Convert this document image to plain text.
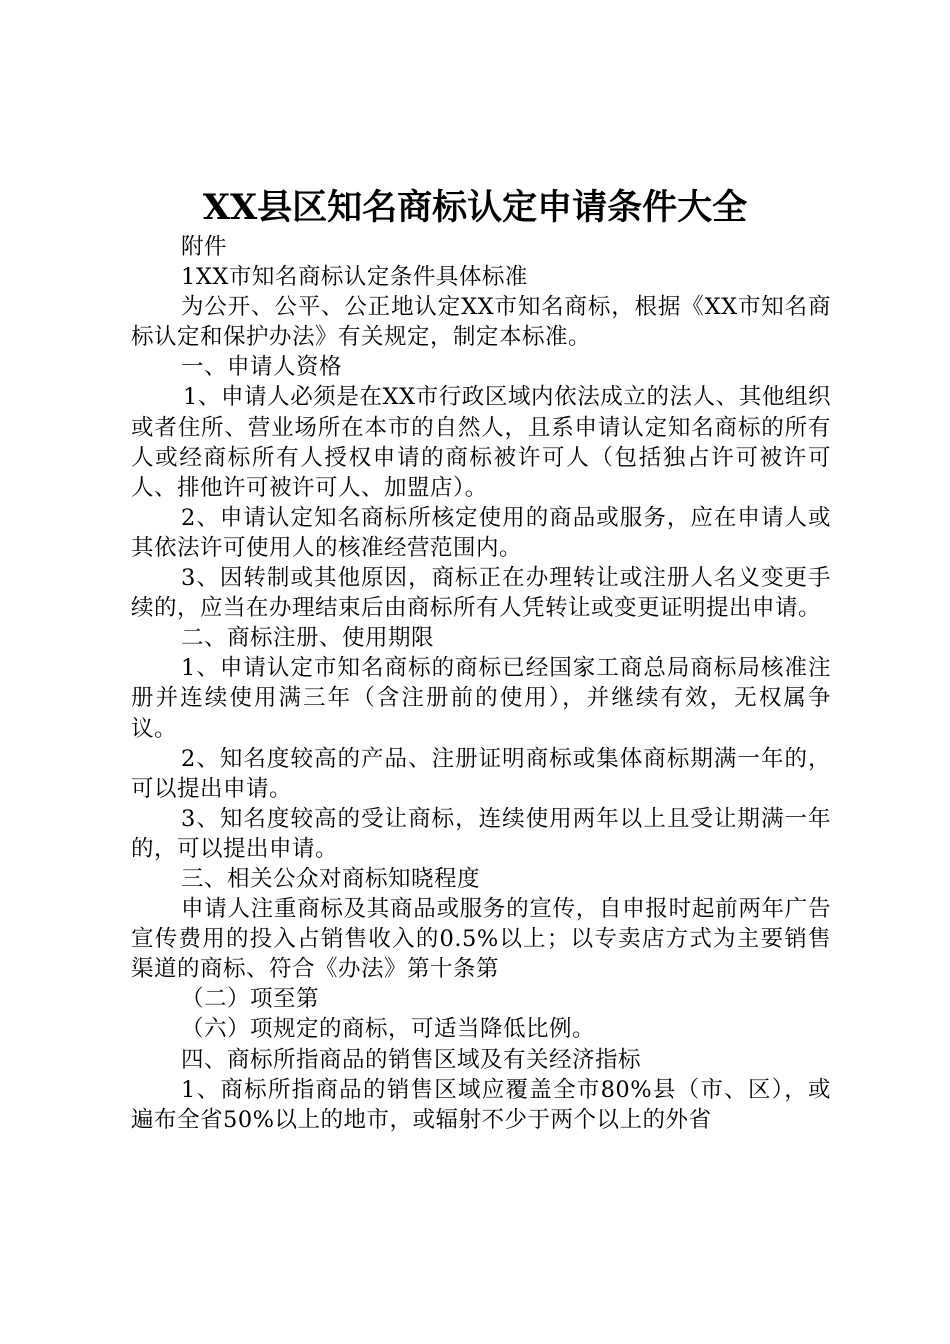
XX县区知名商标认定申请条件大全

附件

1XX市知名商标认定条件具体标准

为公开、公平、公正地认定XX市知名商标，根据《XX市知名商标认定和保护办法》有关规定，制定本标准。

一、申请人资格

1、申请人必须是在XX市行政区域内依法成立的法人、其他组织或者住所、营业场所在本市的自然人，且系申请认定知名商标的所有人或经商标所有人授权申请的商标被许可人（包括独占许可被许可人、排他许可被许可人、加盟店）。

2、申请认定知名商标所核定使用的商品或服务，应在申请人或其依法许可使用人的核准经营范围内。

3、因转制或其他原因，商标正在办理转让或注册人名义变更手续的，应当在办理结束后由商标所有人凭转让或变更证明提出申请。

二、商标注册、使用期限

1、申请认定市知名商标的商标已经国家工商总局商标局核准注册并连续使用满三年（含注册前的使用），并继续有效，无权属争议。

2、知名度较高的产品、注册证明商标或集体商标期满一年的，可以提出申请。

3、知名度较高的受让商标，连续使用两年以上且受让期满一年的，可以提出申请。

三、相关公众对商标知晓程度

申请人注重商标及其商品或服务的宣传，自申报时起前两年广告宣传费用的投入占销售收入的0.5%以上；以专卖店方式为主要销售渠道的商标、符合《办法》第十条第

（二）项至第

（六）项规定的商标，可适当降低比例。

四、商标所指商品的销售区域及有关经济指标

1、商标所指商品的销售区域应覆盖全市80%县（市、区），或遍布全省50%以上的地市，或辐射不少于两个以上的外省
